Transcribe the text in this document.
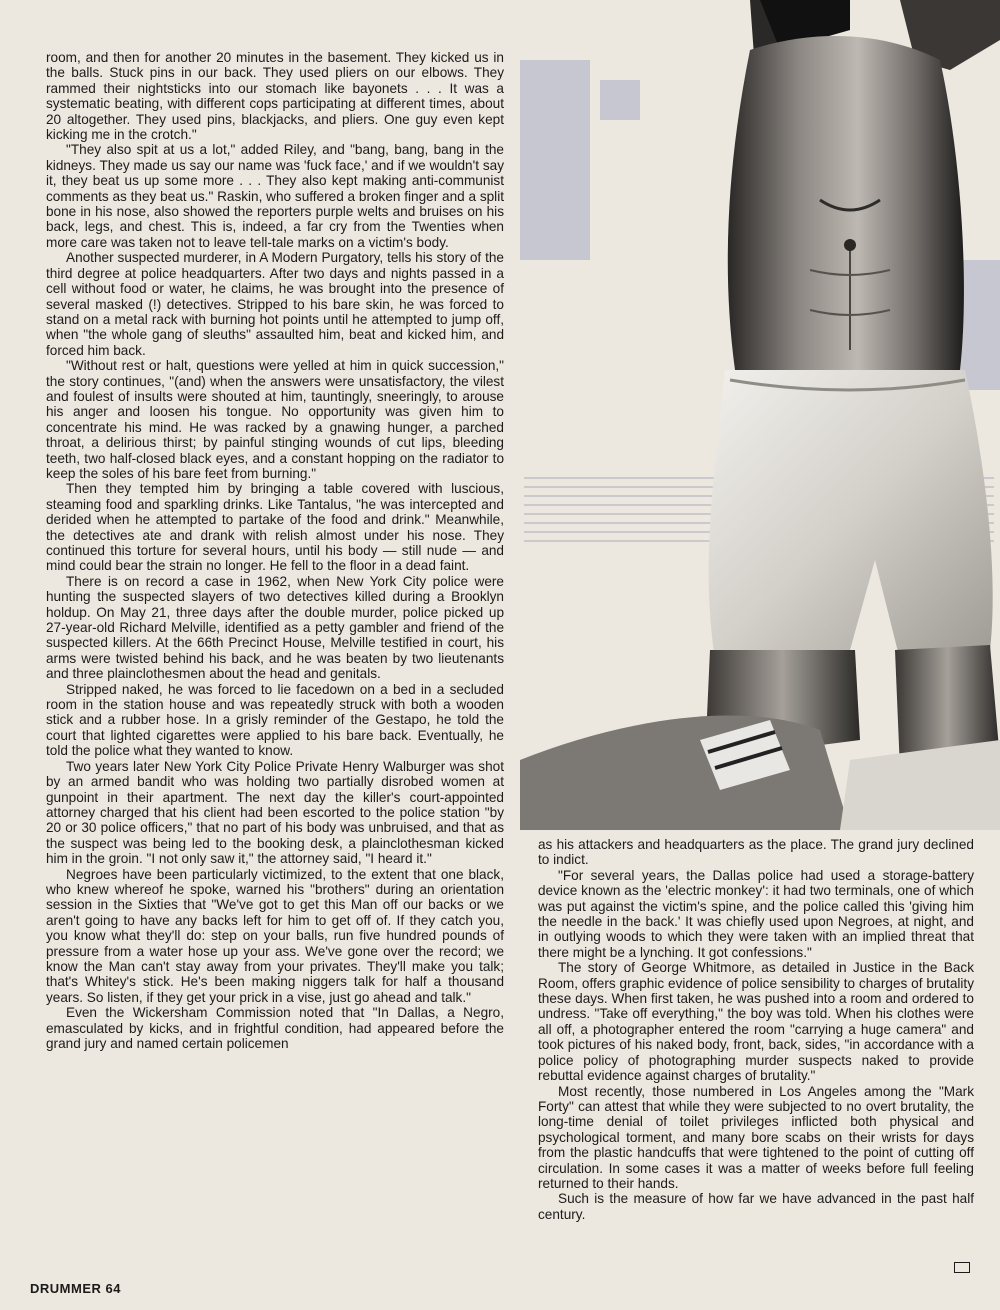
room, and then for another 20 minutes in the basement. They kicked us in the balls. Stuck pins in our back. They used pliers on our elbows. They rammed their nightsticks into our stomach like bayonets . . . It was a systematic beating, with different cops participating at different times, about 20 altogether. They used pins, blackjacks, and pliers. One guy even kept kicking me in the crotch."

"They also spit at us a lot," added Riley, and "bang, bang, bang in the kidneys. They made us say our name was 'fuck face,' and if we wouldn't say it, they beat us up some more . . . They also kept making anti-communist comments as they beat us." Raskin, who suffered a broken finger and a split bone in his nose, also showed the reporters purple welts and bruises on his back, legs, and chest. This is, indeed, a far cry from the Twenties when more care was taken not to leave tell-tale marks on a victim's body.

Another suspected murderer, in A Modern Purgatory, tells his story of the third degree at police headquarters. After two days and nights passed in a cell without food or water, he claims, he was brought into the presence of several masked (!) detectives. Stripped to his bare skin, he was forced to stand on a metal rack with burning hot points until he attempted to jump off, when "the whole gang of sleuths" assaulted him, beat and kicked him, and forced him back.

"Without rest or halt, questions were yelled at him in quick succession," the story continues, "(and) when the answers were unsatisfactory, the vilest and foulest of insults were shouted at him, tauntingly, sneeringly, to arouse his anger and loosen his tongue. No opportunity was given him to concentrate his mind. He was racked by a gnawing hunger, a parched throat, a delirious thirst; by painful stinging wounds of cut lips, bleeding teeth, two half-closed black eyes, and a constant hopping on the radiator to keep the soles of his bare feet from burning."

Then they tempted him by bringing a table covered with luscious, steaming food and sparkling drinks. Like Tantalus, "he was intercepted and derided when he attempted to partake of the food and drink." Meanwhile, the detectives ate and drank with relish almost under his nose. They continued this torture for several hours, until his body — still nude — and mind could bear the strain no longer. He fell to the floor in a dead faint.

There is on record a case in 1962, when New York City police were hunting the suspected slayers of two detectives killed during a Brooklyn holdup. On May 21, three days after the double murder, police picked up 27-year-old Richard Melville, identified as a petty gambler and friend of the suspected killers. At the 66th Precinct House, Melville testified in court, his arms were twisted behind his back, and he was beaten by two lieutenants and three plainclothesmen about the head and genitals.

Stripped naked, he was forced to lie facedown on a bed in a secluded room in the station house and was repeatedly struck with both a wooden stick and a rubber hose. In a grisly reminder of the Gestapo, he told the court that lighted cigarettes were applied to his bare back. Eventually, he told the police what they wanted to know.

Two years later New York City Police Private Henry Walburger was shot by an armed bandit who was holding two partially disrobed women at gunpoint in their apartment. The next day the killer's court-appointed attorney charged that his client had been escorted to the police station "by 20 or 30 police officers," that no part of his body was unbruised, and that as the suspect was being led to the booking desk, a plainclothesman kicked him in the groin. "I not only saw it," the attorney said, "I heard it."

Negroes have been particularly victimized, to the extent that one black, who knew whereof he spoke, warned his "brothers" during an orientation session in the Sixties that "We've got to get this Man off our backs or we aren't going to have any backs left for him to get off of. If they catch you, you know what they'll do: step on your balls, run five hundred pounds of pressure from a water hose up your ass. We've gone over the record; we know the Man can't stay away from your privates. They'll make you talk; that's Whitey's stick. He's been making niggers talk for half a thousand years. So listen, if they get your prick in a vise, just go ahead and talk."

Even the Wickersham Commission noted that "In Dallas, a Negro, emasculated by kicks, and in frightful condition, had appeared before the grand jury and named certain policemen

as his attackers and headquarters as the place. The grand jury declined to indict.

"For several years, the Dallas police had used a storage-battery device known as the 'electric monkey': it had two terminals, one of which was put against the victim's spine, and the police called this 'giving him the needle in the back.' It was chiefly used upon Negroes, at night, and in outlying woods to which they were taken with an implied threat that there might be a lynching. It got confessions."

The story of George Whitmore, as detailed in Justice in the Back Room, offers graphic evidence of police sensibility to charges of brutality these days. When first taken, he was pushed into a room and ordered to undress. "Take off everything," the boy was told. When his clothes were all off, a photographer entered the room "carrying a huge camera" and took pictures of his naked body, front, back, sides, "in accordance with a police policy of photographing murder suspects naked to provide rebuttal evidence against charges of brutality."

Most recently, those numbered in Los Angeles among the "Mark Forty" can attest that while they were subjected to no overt brutality, the long-time denial of toilet privileges inflicted both physical and psychological torment, and many bore scabs on their wrists for days from the plastic handcuffs that were tightened to the point of cutting off circulation. In some cases it was a matter of weeks before full feeling returned to their hands.

Such is the measure of how far we have advanced in the past half century.

DRUMMER 64
